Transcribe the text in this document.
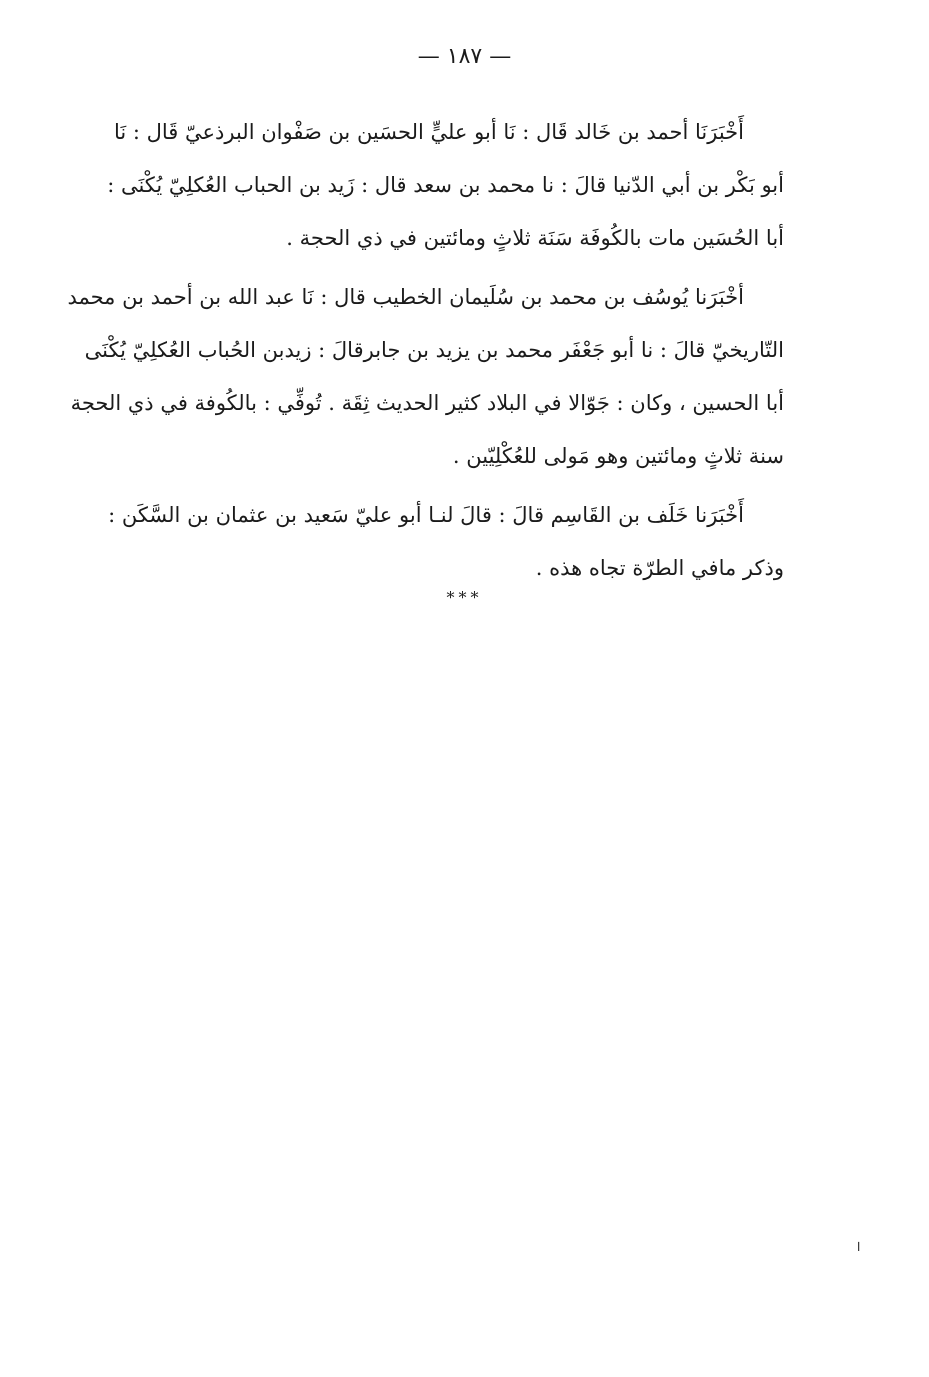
— ١٨٧ —

أَخْبَرَنَا أحمد بن خَالد قَال : نَا أبو عليٍّ الحسَين بن صَفْوان البرذعيّ قَال : نَا
أبو بَكْر بن أبي الدّنيا قالَ : نا محمد بن سعد قال : زَيد بن الحباب العُكلِيّ يُكْنَى :
أبا الحُسَين مات بالكُوفَة سَنَة ثلاثٍ ومائتين في ذي الحجة .

أخْبَرَنا يُوسُف بن محمد بن سُلَيمان الخطيب قال : نَا عبد الله بن أحمد بن محمد
التّاريخيّ قالَ : نا أبو جَعْفَر محمد بن يزيد بن جابرقالَ : زيدبن الحُباب العُكلِيّ يُكْنَى
أبا الحسين ، وكان : جَوّالا في البلاد كثير الحديث ثِقَة . تُوفِّي : بالكُوفة في ذي الحجة
سنة ثلاثٍ ومائتين وهو مَولى للعُكْلِيّين .

أَخْبَرَنا خَلَف بن القَاسِم قالَ : قالَ لنـا أبو عليّ سَعيد بن عثمان بن السَّكَن :
وذكر مافي الطرّة تجاه هذه .

***
ا
